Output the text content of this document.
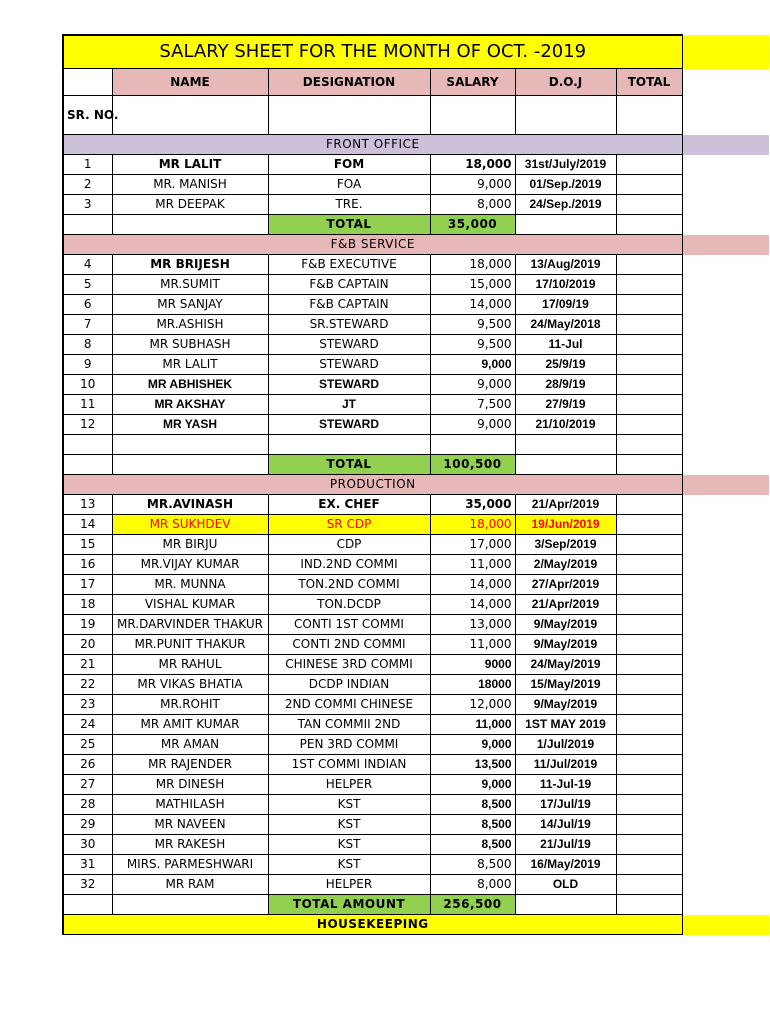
SALARY SHEET FOR THE MONTH OF OCT. -2019						
	NAME	DESIGNATION	SALARY	D.O.J	TOTAL	
SR. NO.						
FRONT OFFICE						
1	MR LALIT	FOM	18,000	31st/July/2019		
2	MR. MANISH	FOA	9,000	01/Sep./2019		
3	MR DEEPAK	TRE.	8,000	24/Sep./2019		
		TOTAL	35,000			
F&B SERVICE						
4	MR BRIJESH	F&B EXECUTIVE	18,000	13/Aug/2019		
5	MR.SUMIT	F&B CAPTAIN	15,000	17/10/2019		
6	MR SANJAY	F&B CAPTAIN	14,000	17/09/19		
7	MR.ASHISH	SR.STEWARD	9,500	24/May/2018		
8	MR SUBHASH	STEWARD	9,500	11-Jul		
9	MR LALIT	STEWARD	9,000	25/9/19		
10	MR ABHISHEK	STEWARD	9,000	28/9/19		
11	MR AKSHAY	JT	7,500	27/9/19		
12	MR YASH	STEWARD	9,000	21/10/2019		

		TOTAL	100,500			
PRODUCTION						
13	MR.AVINASH	EX. CHEF	35,000	21/Apr/2019		
14	MR SUKHDEV	SR CDP	18,000	19/Jun/2019		
15	MR BIRJU	CDP	17,000	3/Sep/2019		
16	MR.VIJAY KUMAR	IND.2ND COMMI	11,000	2/May/2019		
17	MR. MUNNA	TON.2ND COMMI	14,000	27/Apr/2019		
18	VISHAL KUMAR	TON.DCDP	14,000	21/Apr/2019		
19	MR.DARVINDER THAKUR	CONTI 1ST COMMI	13,000	9/May/2019		
20	MR.PUNIT THAKUR	CONTI 2ND COMMI	11,000	9/May/2019		
21	MR RAHUL	CHINESE 3RD COMMI	9000	24/May/2019		
22	MR VIKAS BHATIA	DCDP INDIAN	18000	15/May/2019		
23	MR.ROHIT	2ND COMMI CHINESE	12,000	9/May/2019		
24	MR AMIT KUMAR	TAN COMMII 2ND	11,000	1ST MAY 2019		
25	MR AMAN	PEN 3RD COMMI	9,000	1/Jul/2019		
26	MR RAJENDER	1ST COMMI INDIAN	13,500	11/Jul/2019		
27	MR DINESH	HELPER	9,000	11-Jul-19		
28	MATHILASH	KST	8,500	17/Jul/19		
29	MR NAVEEN	KST	8,500	14/Jul/19		
30	MR RAKESH	KST	8,500	21/Jul/19		
31	MIRS. PARMESHWARI	KST	8,500	16/May/2019		
32	MR RAM	HELPER	8,000	OLD		
		TOTAL AMOUNT	256,500			
HOUSEKEEPING						
